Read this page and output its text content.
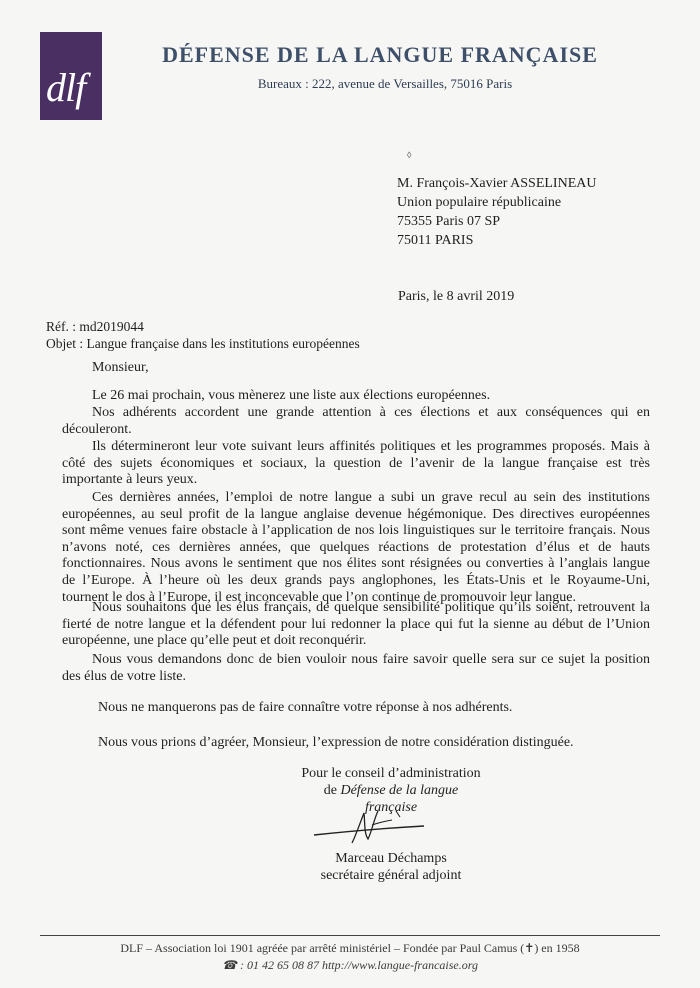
dlf
DÉFENSE DE LA LANGUE FRANÇAISE
Bureaux : 222, avenue de Versailles, 75016 Paris
◊
M. François-Xavier ASSELINEAU
Union populaire républicaine
75355 Paris 07 SP
75011 PARIS
Paris, le 8 avril 2019
Réf. : md2019044
Objet : Langue française dans les institutions européennes
Monsieur,
Le 26 mai prochain, vous mènerez une liste aux élections européennes.
Nos adhérents accordent une grande attention à ces élections et aux conséquences qui en
découleront.
Ils détermineront leur vote suivant leurs affinités politiques et les programmes proposés. Mais à
côté des sujets économiques et sociaux, la question de l’avenir de la langue française est très
importante à leurs yeux.
Ces dernières années, l’emploi de notre langue a subi un grave recul au sein des institutions
européennes, au seul profit de la langue anglaise devenue hégémonique. Des directives européennes
sont même venues faire obstacle à l’application de nos lois linguistiques sur le territoire français. Nous
n’avons noté, ces dernières années, que quelques réactions de protestation d’élus et de hauts
fonctionnaires. Nous avons le sentiment que nos élites sont résignées ou converties à l’anglais langue
de l’Europe. À l’heure où les deux grands pays anglophones, les États-Unis et le Royaume-Uni,
tournent le dos à l’Europe, il est inconcevable que l’on continue de promouvoir leur langue.
Nous souhaitons que les élus français, de quelque sensibilité politique qu’ils soient, retrouvent la
fierté de notre langue et la défendent pour lui redonner la place qui fut la sienne au début de l’Union
européenne, une place qu’elle peut et doit reconquérir.
Nous vous demandons donc de bien vouloir nous faire savoir quelle sera sur ce sujet la position
des élus de votre liste.
Nous ne manquerons pas de faire connaître votre réponse à nos adhérents.
Nous vous prions d’agréer, Monsieur, l’expression de notre considération distinguée.
Pour le conseil d’administration
de Défense de la langue française
Marceau Déchamps
secrétaire général adjoint
DLF – Association loi 1901 agréée par arrêté ministériel – Fondée par Paul Camus (✝) en 1958
☎ : 01 42 65 08 87 http://www.langue-francaise.org
